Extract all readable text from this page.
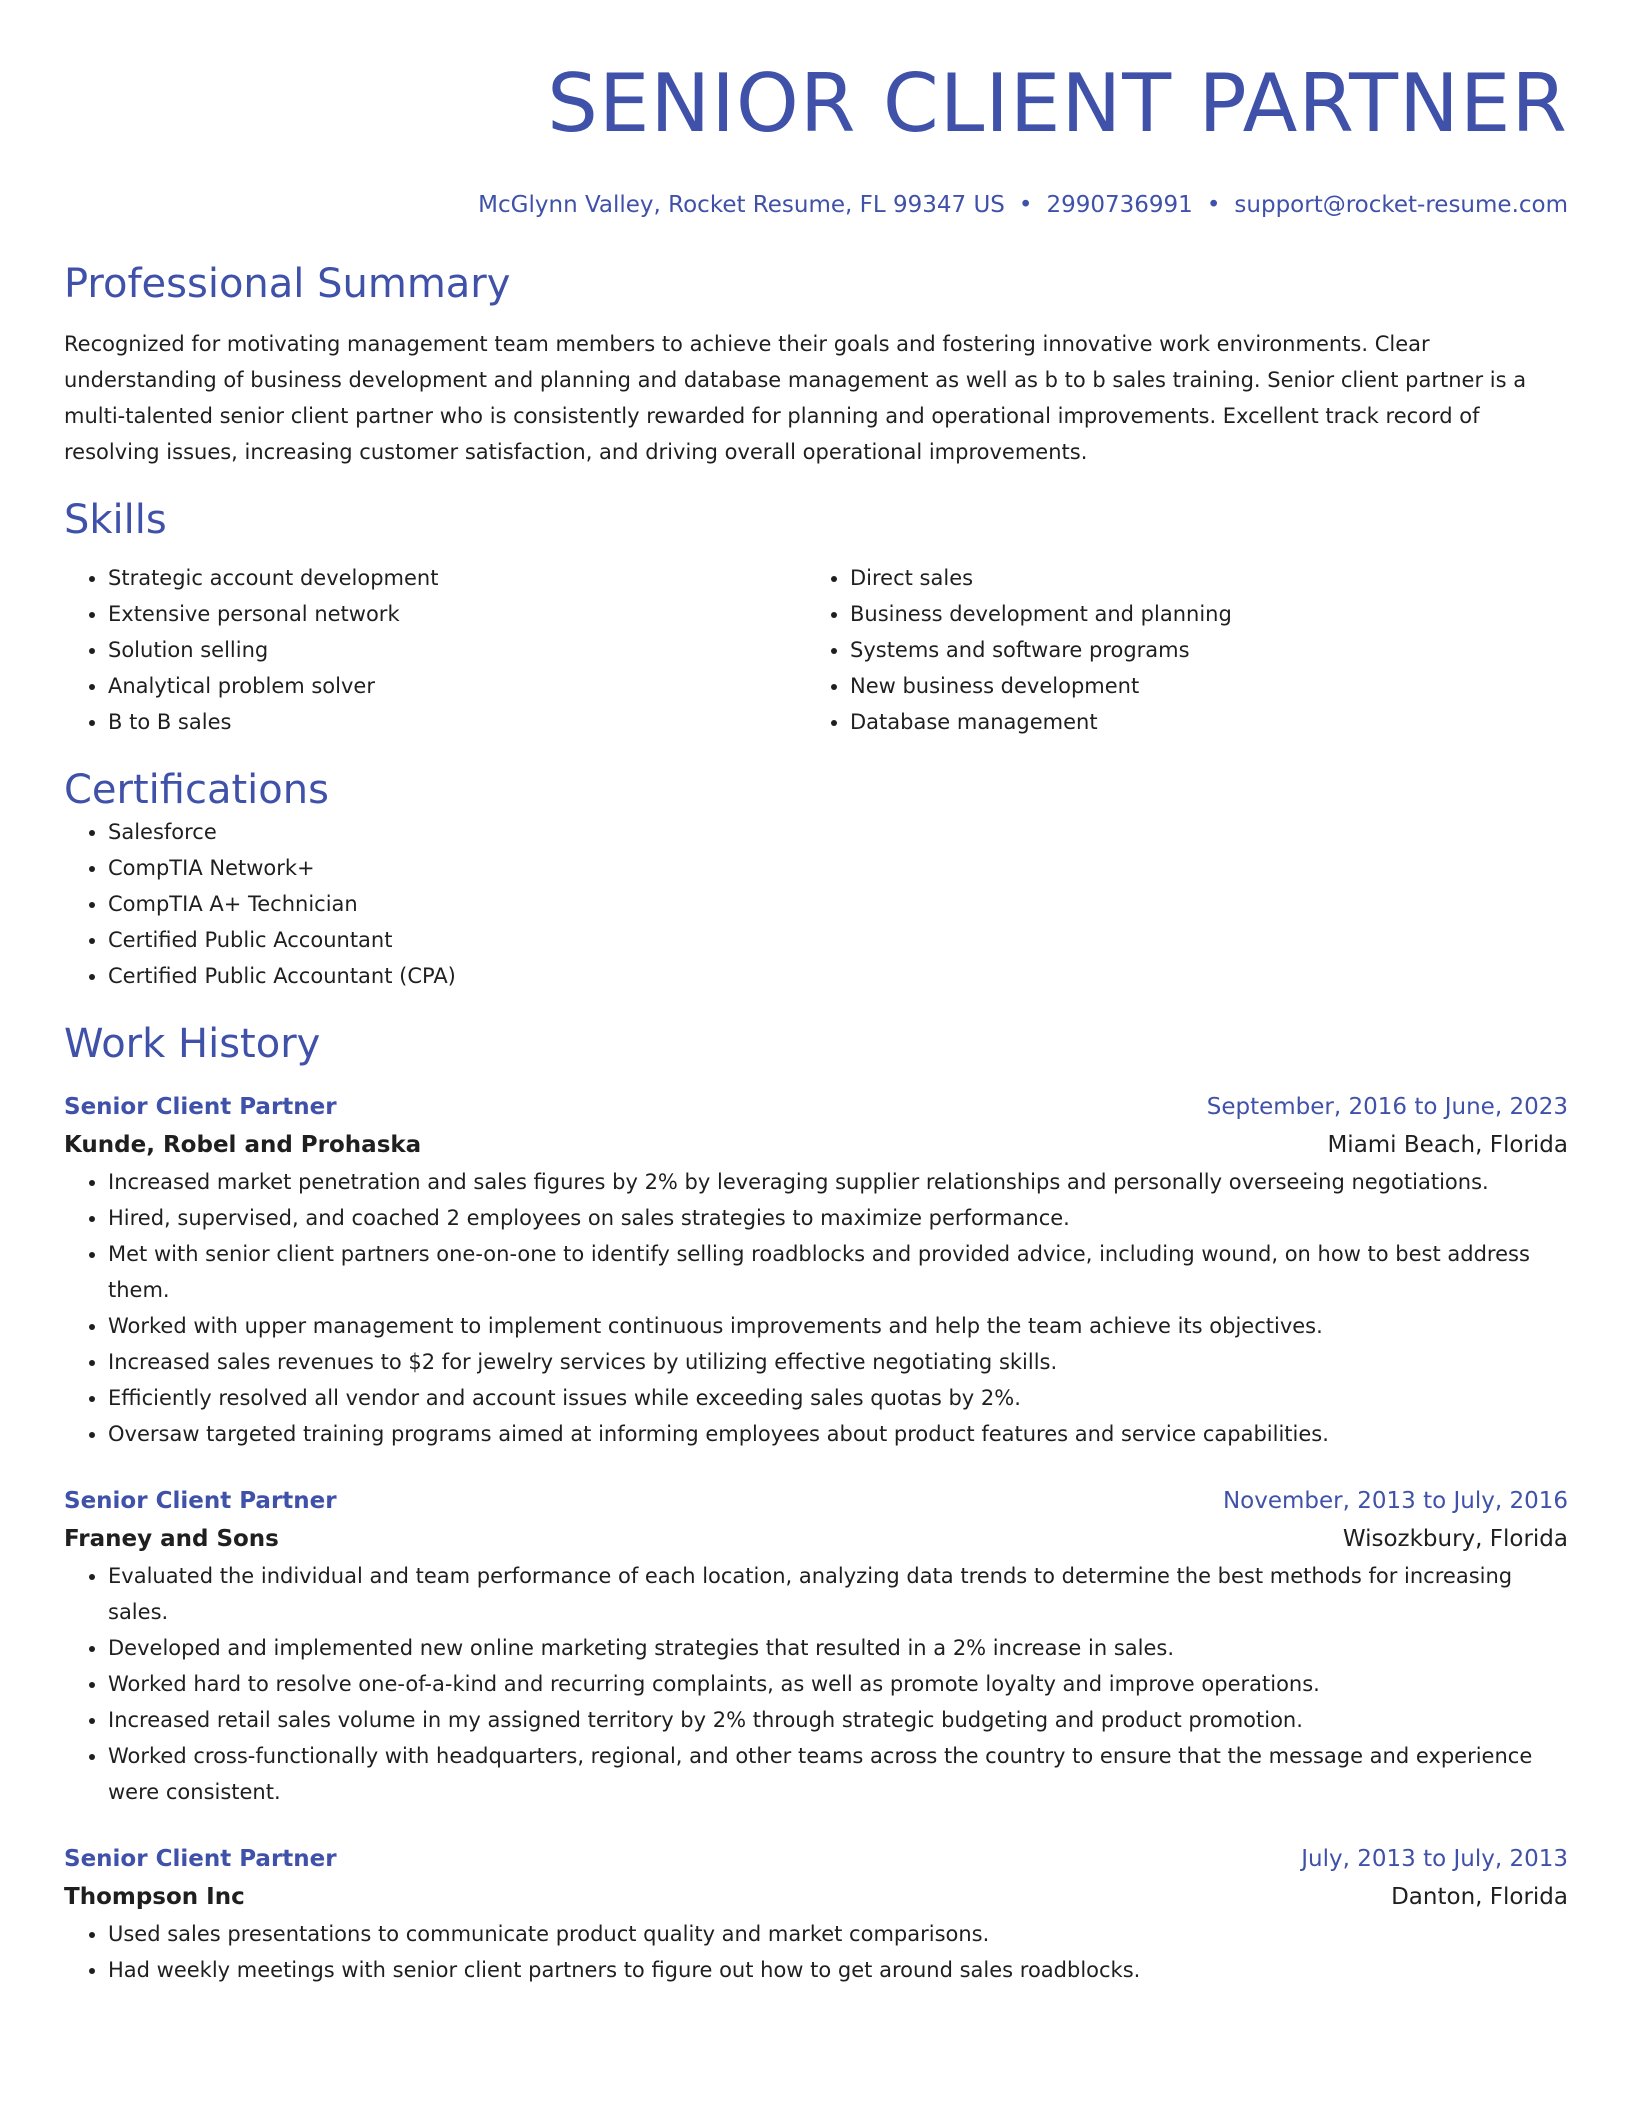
SENIOR CLIENT PARTNER
McGlynn Valley, Rocket Resume, FL 99347 US • 2990736991 • support@rocket-resume.com
Professional Summary

Recognized for motivating management team members to achieve their goals and fostering innovative work environments. Clear understanding of business development and planning and database management as well as b to b sales training. Senior client partner is a multi-talented senior client partner who is consistently rewarded for planning and operational improvements. Excellent track record of resolving issues, increasing customer satisfaction, and driving overall operational improvements.

Skills
• Strategic account development
• Extensive personal network
• Solution selling
• Analytical problem solver
• B to B sales
• Direct sales
• Business development and planning
• Systems and software programs
• New business development
• Database management
Certifications
• Salesforce
• CompTIA Network+
• CompTIA A+ Technician
• Certified Public Accountant
• Certified Public Accountant (CPA)
Work History
Senior Client Partner	September, 2016 to June, 2023
Kunde, Robel and Prohaska	Miami Beach, Florida
• Increased market penetration and sales figures by 2% by leveraging supplier relationships and personally overseeing negotiations.
• Hired, supervised, and coached 2 employees on sales strategies to maximize performance.
• Met with senior client partners one-on-one to identify selling roadblocks and provided advice, including wound, on how to best address them.
• Worked with upper management to implement continuous improvements and help the team achieve its objectives.
• Increased sales revenues to $2 for jewelry services by utilizing effective negotiating skills.
• Efficiently resolved all vendor and account issues while exceeding sales quotas by 2%.
• Oversaw targeted training programs aimed at informing employees about product features and service capabilities.
Senior Client Partner	November, 2013 to July, 2016
Franey and Sons	Wisozkbury, Florida
• Evaluated the individual and team performance of each location, analyzing data trends to determine the best methods for increasing sales.
• Developed and implemented new online marketing strategies that resulted in a 2% increase in sales.
• Worked hard to resolve one-of-a-kind and recurring complaints, as well as promote loyalty and improve operations.
• Increased retail sales volume in my assigned territory by 2% through strategic budgeting and product promotion.
• Worked cross-functionally with headquarters, regional, and other teams across the country to ensure that the message and experience were consistent.
Senior Client Partner	July, 2013 to July, 2013
Thompson Inc	Danton, Florida
• Used sales presentations to communicate product quality and market comparisons.
• Had weekly meetings with senior client partners to figure out how to get around sales roadblocks.
